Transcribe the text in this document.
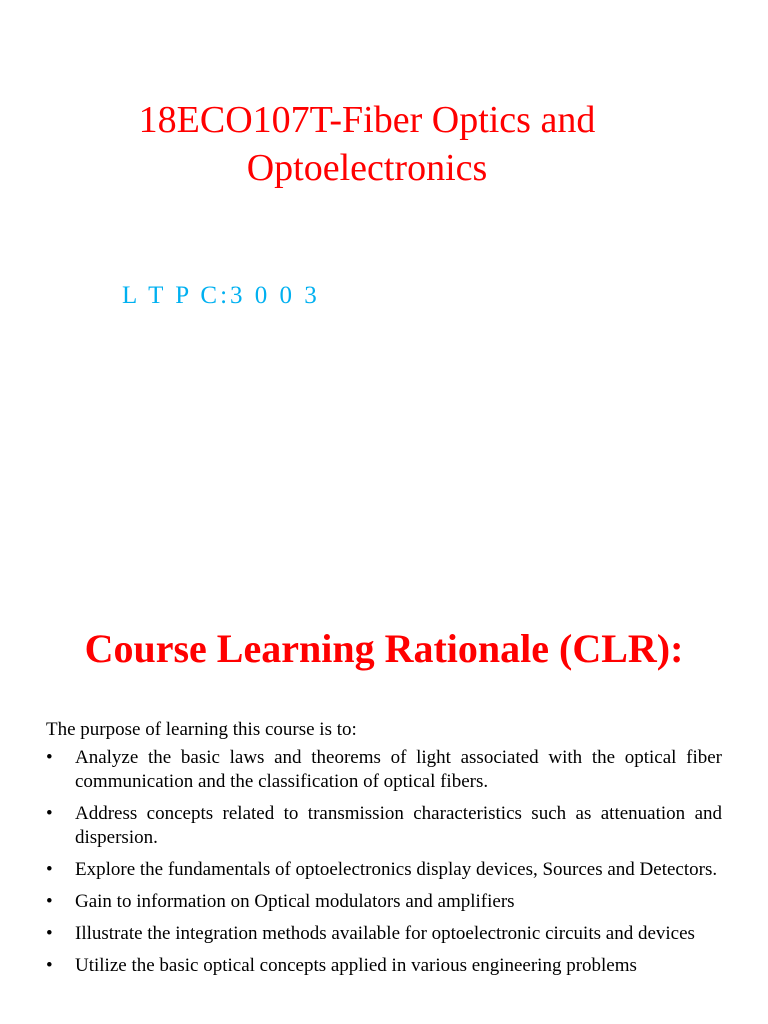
18ECO107T-Fiber Optics and
Optoelectronics

L T P C:3 0 0 3

Course Learning Rationale (CLR):

The purpose of learning this course is to:

• Analyze the basic laws and theorems of light associated with the optical fiber communication and the classification of optical fibers.
• Address concepts related to transmission characteristics such as attenuation and dispersion.
• Explore the fundamentals of optoelectronics display devices, Sources and Detectors.
• Gain to information on Optical modulators and amplifiers
• Illustrate the integration methods available for optoelectronic circuits and devices
• Utilize the basic optical concepts applied in various engineering problems
